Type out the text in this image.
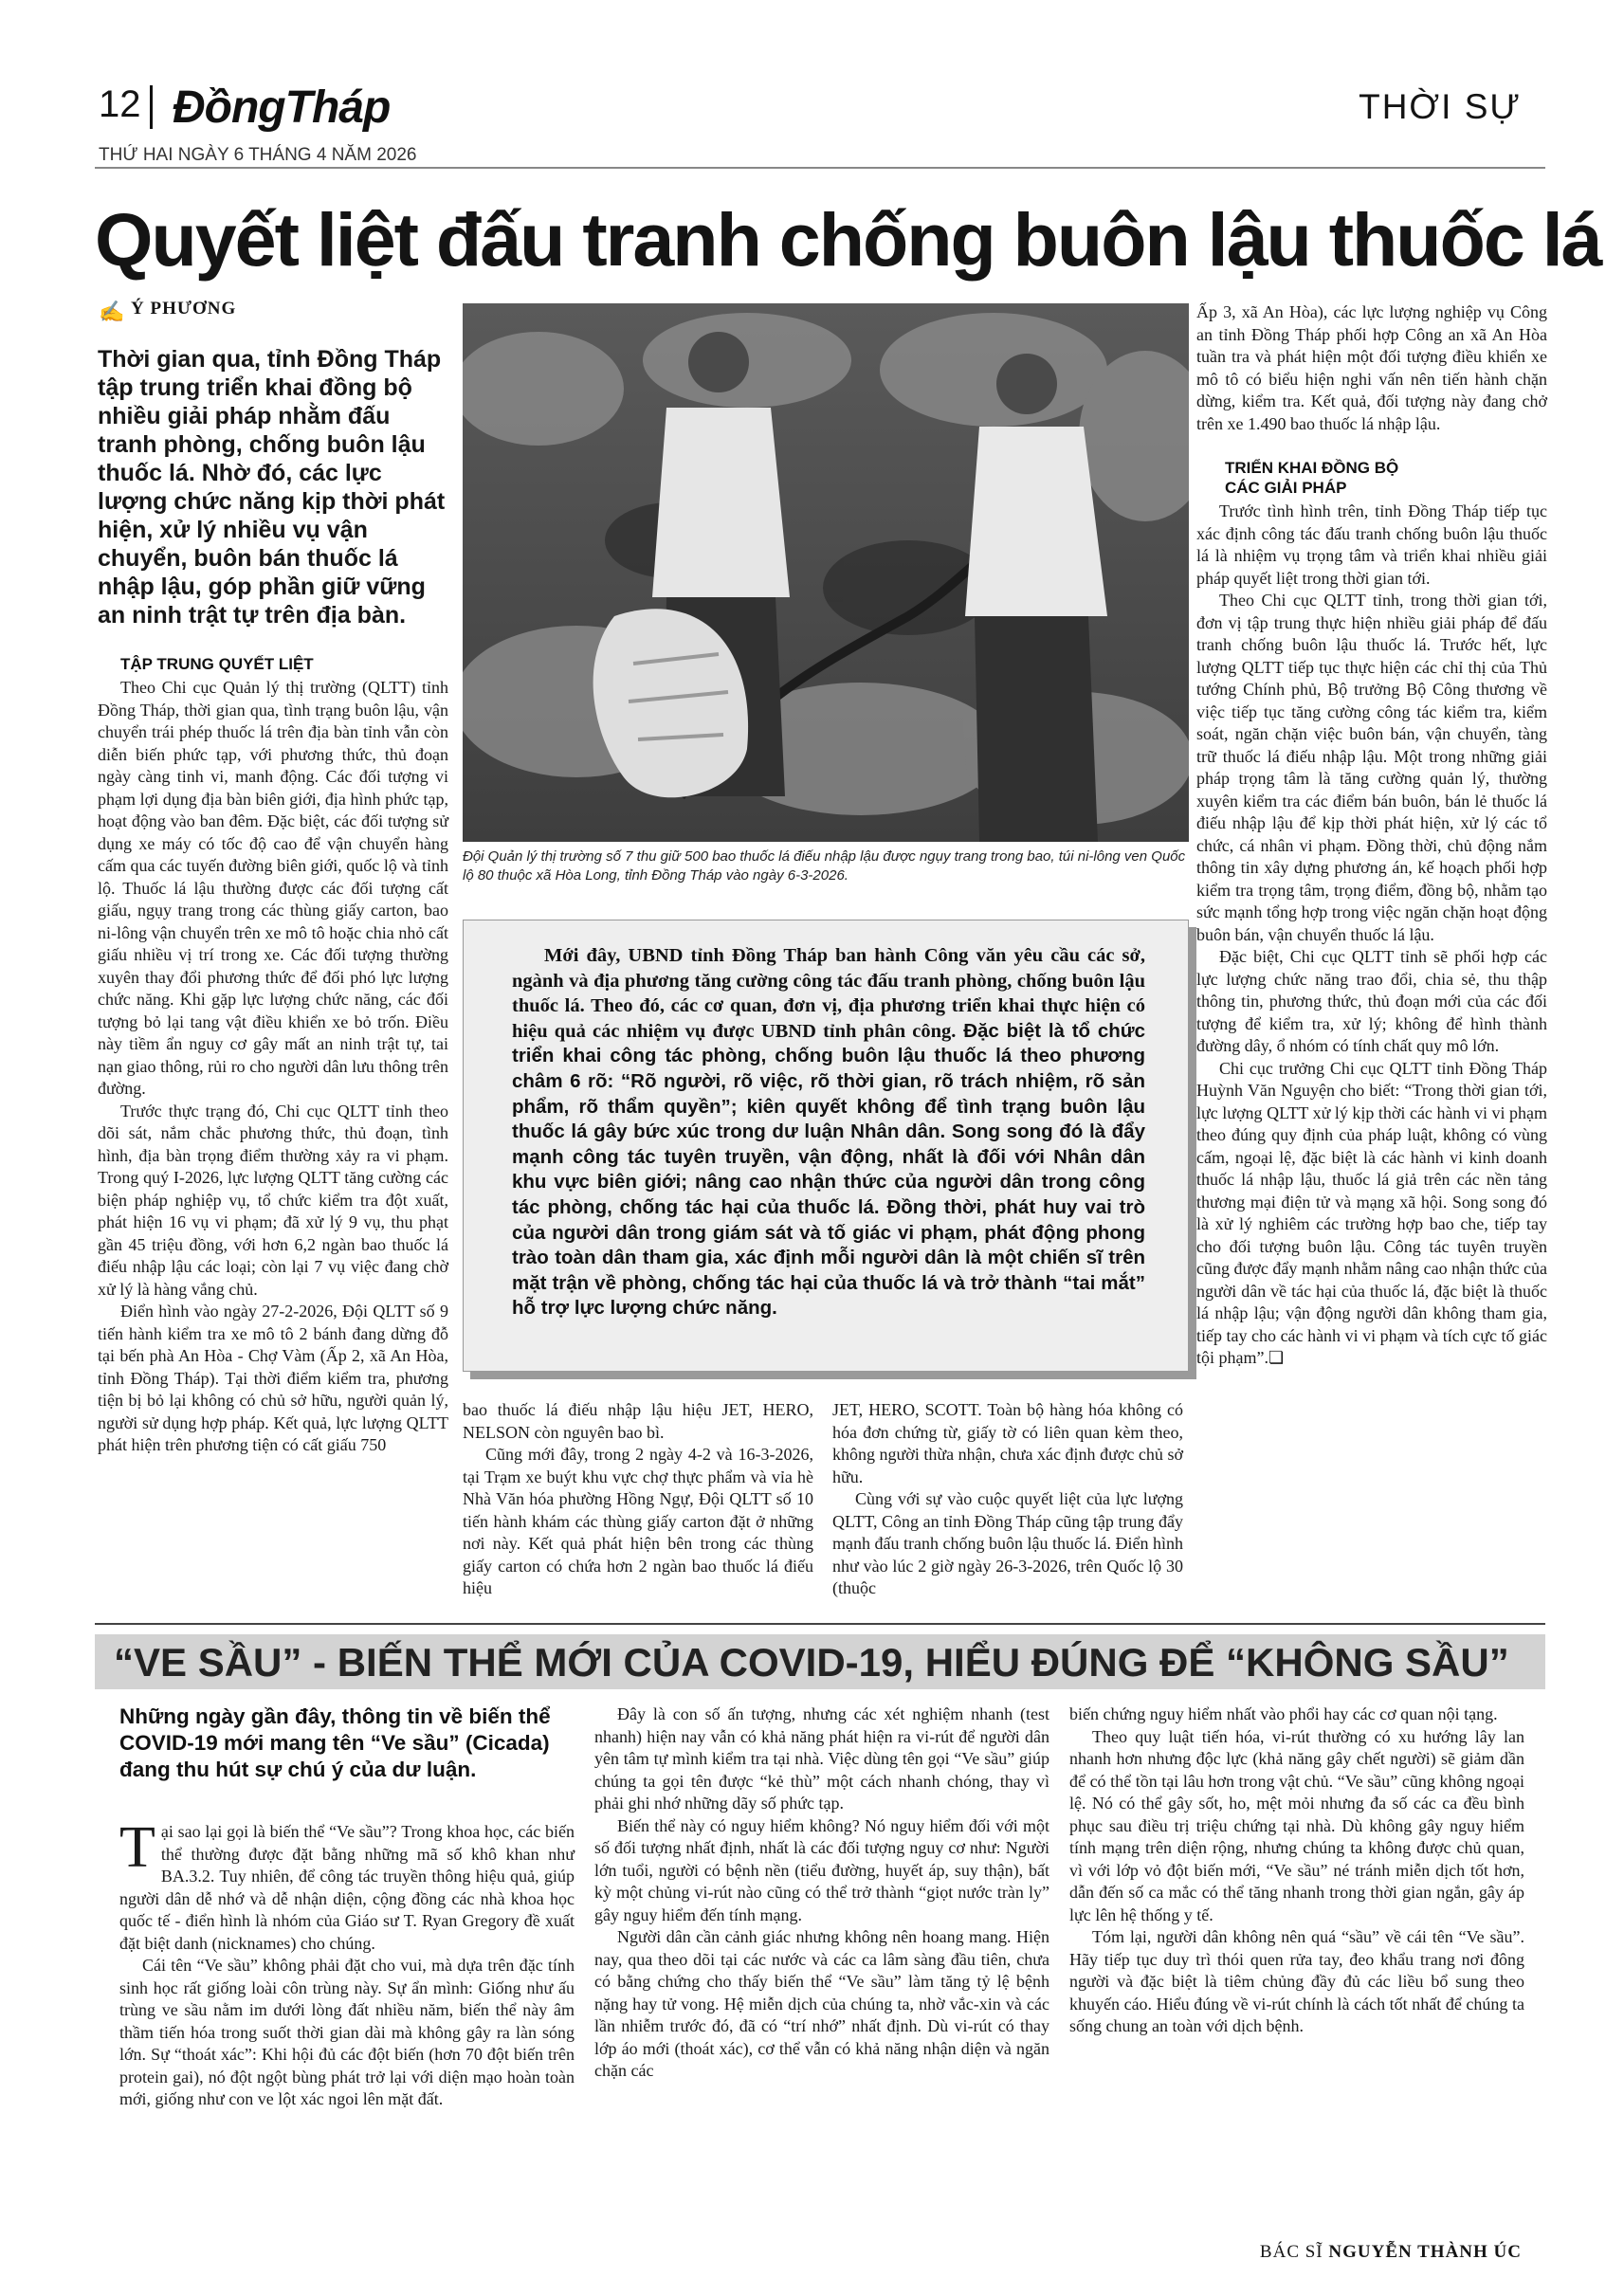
12 ĐồngTháp	THỜI SỰ
THỨ HAI NGÀY 6 THÁNG 4 NĂM 2026
Quyết liệt đấu tranh chống buôn lậu thuốc lá
✍ Ý PHƯƠNG
Thời gian qua, tỉnh Đồng Tháp tập trung triển khai đồng bộ nhiều giải pháp nhằm đấu tranh phòng, chống buôn lậu thuốc lá. Nhờ đó, các lực lượng chức năng kịp thời phát hiện, xử lý nhiều vụ vận chuyển, buôn bán thuốc lá nhập lậu, góp phần giữ vững an ninh trật tự trên địa bàn.
TẬP TRUNG QUYẾT LIỆT

Theo Chi cục Quản lý thị trường (QLTT) tỉnh Đồng Tháp, thời gian qua, tình trạng buôn lậu, vận chuyển trái phép thuốc lá trên địa bàn tỉnh vẫn còn diễn biến phức tạp, với phương thức, thủ đoạn ngày càng tinh vi, manh động. Các đối tượng vi phạm lợi dụng địa bàn biên giới, địa hình phức tạp, hoạt động vào ban đêm. Đặc biệt, các đối tượng sử dụng xe máy có tốc độ cao để vận chuyển hàng cấm qua các tuyến đường biên giới, quốc lộ và tỉnh lộ. Thuốc lá lậu thường được các đối tượng cất giấu, ngụy trang trong các thùng giấy carton, bao ni-lông vận chuyển trên xe mô tô hoặc chia nhỏ cất giấu nhiều vị trí trong xe. Các đối tượng thường xuyên thay đổi phương thức để đối phó lực lượng chức năng. Khi gặp lực lượng chức năng, các đối tượng bỏ lại tang vật điều khiển xe bỏ trốn. Điều này tiềm ẩn nguy cơ gây mất an ninh trật tự, tai nạn giao thông, rủi ro cho người dân lưu thông trên đường.

Trước thực trạng đó, Chi cục QLTT tỉnh theo dõi sát, nắm chắc phương thức, thủ đoạn, tình hình, địa bàn trọng điểm thường xảy ra vi phạm. Trong quý I-2026, lực lượng QLTT tăng cường các biện pháp nghiệp vụ, tổ chức kiểm tra đột xuất, phát hiện 16 vụ vi phạm; đã xử lý 9 vụ, thu phạt gần 45 triệu đồng, với hơn 6,2 ngàn bao thuốc lá điếu nhập lậu các loại; còn lại 7 vụ việc đang chờ xử lý là hàng vắng chủ.

Điển hình vào ngày 27-2-2026, Đội QLTT số 9 tiến hành kiểm tra xe mô tô 2 bánh đang dừng đỗ tại bến phà An Hòa - Chợ Vàm (Ấp 2, xã An Hòa, tỉnh Đồng Tháp). Tại thời điểm kiểm tra, phương tiện bị bỏ lại không có chủ sở hữu, người quản lý, người sử dụng hợp pháp. Kết quả, lực lượng QLTT phát hiện trên phương tiện có cất giấu 750

Đội Quản lý thị trường số 7 thu giữ 500 bao thuốc lá điếu nhập lậu được ngụy trang trong bao, túi ni-lông ven Quốc lộ 80 thuộc xã Hòa Long, tỉnh Đồng Tháp vào ngày 6-3-2026.

Mới đây, UBND tỉnh Đồng Tháp ban hành Công văn yêu cầu các sở, ngành và địa phương tăng cường công tác đấu tranh phòng, chống buôn lậu thuốc lá. Theo đó, các cơ quan, đơn vị, địa phương triển khai thực hiện có hiệu quả các nhiệm vụ được UBND tỉnh phân công. Đặc biệt là tổ chức triển khai công tác phòng, chống buôn lậu thuốc lá theo phương châm 6 rõ: “Rõ người, rõ việc, rõ thời gian, rõ trách nhiệm, rõ sản phẩm, rõ thẩm quyền”; kiên quyết không để tình trạng buôn lậu thuốc lá gây bức xúc trong dư luận Nhân dân. Song song đó là đẩy mạnh công tác tuyên truyền, vận động, nhất là đối với Nhân dân khu vực biên giới; nâng cao nhận thức của người dân trong công tác phòng, chống tác hại của thuốc lá. Đồng thời, phát huy vai trò của người dân trong giám sát và tố giác vi phạm, phát động phong trào toàn dân tham gia, xác định mỗi người dân là một chiến sĩ trên mặt trận về phòng, chống tác hại của thuốc lá và trở thành “tai mắt” hỗ trợ lực lượng chức năng.

bao thuốc lá điếu nhập lậu hiệu JET, HERO, NELSON còn nguyên bao bì.

Cũng mới đây, trong 2 ngày 4-2 và 16-3-2026, tại Trạm xe buýt khu vực chợ thực phẩm và vỉa hè Nhà Văn hóa phường Hồng Ngự, Đội QLTT số 10 tiến hành khám các thùng giấy carton đặt ở những nơi này. Kết quả phát hiện bên trong các thùng giấy carton có chứa hơn 2 ngàn bao thuốc lá điếu hiệu

JET, HERO, SCOTT. Toàn bộ hàng hóa không có hóa đơn chứng từ, giấy tờ có liên quan kèm theo, không người thừa nhận, chưa xác định được chủ sở hữu.

Cùng với sự vào cuộc quyết liệt của lực lượng QLTT, Công an tỉnh Đồng Tháp cũng tập trung đẩy mạnh đấu tranh chống buôn lậu thuốc lá. Điển hình như vào lúc 2 giờ ngày 26-3-2026, trên Quốc lộ 30 (thuộc

Ấp 3, xã An Hòa), các lực lượng nghiệp vụ Công an tỉnh Đồng Tháp phối hợp Công an xã An Hòa tuần tra và phát hiện một đối tượng điều khiển xe mô tô có biểu hiện nghi vấn nên tiến hành chặn dừng, kiểm tra. Kết quả, đối tượng này đang chở trên xe 1.490 bao thuốc lá nhập lậu.

TRIỂN KHAI ĐỒNG BỘ CÁC GIẢI PHÁP

Trước tình hình trên, tỉnh Đồng Tháp tiếp tục xác định công tác đấu tranh chống buôn lậu thuốc lá là nhiệm vụ trọng tâm và triển khai nhiều giải pháp quyết liệt trong thời gian tới.

Theo Chi cục QLTT tỉnh, trong thời gian tới, đơn vị tập trung thực hiện nhiều giải pháp để đấu tranh chống buôn lậu thuốc lá. Trước hết, lực lượng QLTT tiếp tục thực hiện các chỉ thị của Thủ tướng Chính phủ, Bộ trưởng Bộ Công thương về việc tiếp tục tăng cường công tác kiểm tra, kiểm soát, ngăn chặn việc buôn bán, vận chuyển, tàng trữ thuốc lá điếu nhập lậu. Một trong những giải pháp trọng tâm là tăng cường quản lý, thường xuyên kiểm tra các điểm bán buôn, bán lẻ thuốc lá điếu nhập lậu để kịp thời phát hiện, xử lý các tổ chức, cá nhân vi phạm. Đồng thời, chủ động nắm thông tin xây dựng phương án, kế hoạch phối hợp kiểm tra trọng tâm, trọng điểm, đồng bộ, nhằm tạo sức mạnh tổng hợp trong việc ngăn chặn hoạt động buôn bán, vận chuyển thuốc lá lậu.

Đặc biệt, Chi cục QLTT tỉnh sẽ phối hợp các lực lượng chức năng trao đổi, chia sẻ, thu thập thông tin, phương thức, thủ đoạn mới của các đối tượng để kiểm tra, xử lý; không để hình thành đường dây, ổ nhóm có tính chất quy mô lớn.

Chi cục trưởng Chi cục QLTT tỉnh Đồng Tháp Huỳnh Văn Nguyện cho biết: “Trong thời gian tới, lực lượng QLTT xử lý kịp thời các hành vi vi phạm theo đúng quy định của pháp luật, không có vùng cấm, ngoại lệ, đặc biệt là các hành vi kinh doanh thuốc lá nhập lậu, thuốc lá giả trên các nền tảng thương mại điện tử và mạng xã hội. Song song đó là xử lý nghiêm các trường hợp bao che, tiếp tay cho đối tượng buôn lậu. Công tác tuyên truyền cũng được đẩy mạnh nhằm nâng cao nhận thức của người dân về tác hại của thuốc lá, đặc biệt là thuốc lá nhập lậu; vận động người dân không tham gia, tiếp tay cho các hành vi vi phạm và tích cực tố giác tội phạm”.❏

“VE SẦU” - BIẾN THỂ MỚI CỦA COVID-19, HIỂU ĐÚNG ĐỂ “KHÔNG SẦU”
Những ngày gần đây, thông tin về biến thể COVID-19 mới mang tên “Ve sầu” (Cicada) đang thu hút sự chú ý của dư luận.

Tại sao lại gọi là biến thể “Ve sầu”? Trong khoa học, các biến thể thường được đặt bằng những mã số khô khan như BA.3.2. Tuy nhiên, để công tác truyền thông hiệu quả, giúp người dân dễ nhớ và dễ nhận diện, cộng đồng các nhà khoa học quốc tế - điển hình là nhóm của Giáo sư T. Ryan Gregory đề xuất đặt biệt danh (nicknames) cho chúng.

Cái tên “Ve sầu” không phải đặt cho vui, mà dựa trên đặc tính sinh học rất giống loài côn trùng này. Sự ẩn mình: Giống như ấu trùng ve sầu nằm im dưới lòng đất nhiều năm, biến thể này âm thầm tiến hóa trong suốt thời gian dài mà không gây ra làn sóng lớn. Sự “thoát xác”: Khi hội đủ các đột biến (hơn 70 đột biến trên protein gai), nó đột ngột bùng phát trở lại với diện mạo hoàn toàn mới, giống như con ve lột xác ngoi lên mặt đất.

Đây là con số ấn tượng, nhưng các xét nghiệm nhanh (test nhanh) hiện nay vẫn có khả năng phát hiện ra vi-rút để người dân yên tâm tự mình kiểm tra tại nhà. Việc dùng tên gọi “Ve sầu” giúp chúng ta gọi tên được “kẻ thù” một cách nhanh chóng, thay vì phải ghi nhớ những dãy số phức tạp.

Biến thể này có nguy hiểm không? Nó nguy hiểm đối với một số đối tượng nhất định, nhất là các đối tượng nguy cơ như: Người lớn tuổi, người có bệnh nền (tiểu đường, huyết áp, suy thận), bất kỳ một chủng vi-rút nào cũng có thể trở thành “giọt nước tràn ly” gây nguy hiểm đến tính mạng.

Người dân cần cảnh giác nhưng không nên hoang mang. Hiện nay, qua theo dõi tại các nước và các ca lâm sàng đầu tiên, chưa có bằng chứng cho thấy biến thể “Ve sầu” làm tăng tỷ lệ bệnh nặng hay tử vong. Hệ miễn dịch của chúng ta, nhờ vắc-xin và các lần nhiễm trước đó, đã có “trí nhớ” nhất định. Dù vi-rút có thay lớp áo mới (thoát xác), cơ thể vẫn có khả năng nhận diện và ngăn chặn các

biến chứng nguy hiểm nhất vào phổi hay các cơ quan nội tạng.

Theo quy luật tiến hóa, vi-rút thường có xu hướng lây lan nhanh hơn nhưng độc lực (khả năng gây chết người) sẽ giảm dần để có thể tồn tại lâu hơn trong vật chủ. “Ve sầu” cũng không ngoại lệ. Nó có thể gây sốt, ho, mệt mỏi nhưng đa số các ca đều bình phục sau điều trị triệu chứng tại nhà. Dù không gây nguy hiểm tính mạng trên diện rộng, nhưng chúng ta không được chủ quan, vì với lớp vỏ đột biến mới, “Ve sầu” né tránh miễn dịch tốt hơn, dẫn đến số ca mắc có thể tăng nhanh trong thời gian ngắn, gây áp lực lên hệ thống y tế.

Tóm lại, người dân không nên quá “sầu” về cái tên “Ve sầu”. Hãy tiếp tục duy trì thói quen rửa tay, đeo khẩu trang nơi đông người và đặc biệt là tiêm chủng đầy đủ các liều bổ sung theo khuyến cáo. Hiểu đúng về vi-rút chính là cách tốt nhất để chúng ta sống chung an toàn với dịch bệnh.

BÁC SĨ NGUYỄN THÀNH ÚC
